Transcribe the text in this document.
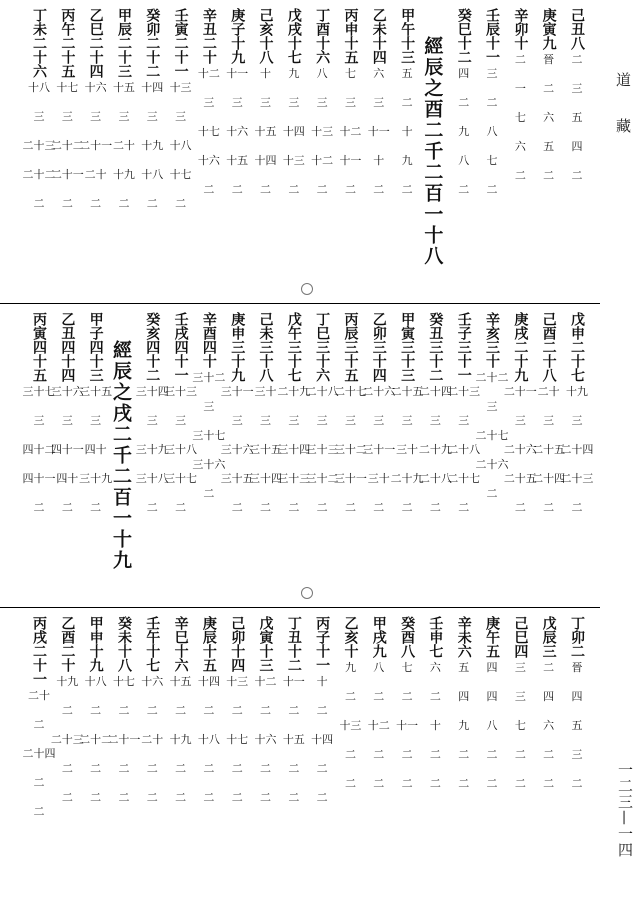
己丑八
二
三
五
四
二
庚寅九
晉
二
六
五
二
辛卯十
二
一
七
六
二
壬辰十一
三
二
八
七
二
癸巳十二
四
二
九
八
二
經辰之酉二千二百一十八
甲午十三
五
二
十
九
二
乙未十四
六
三
十一
十
二
丙申十五
七
三
十二
十一
二
丁酉十六
八
三
十三
十二
二
戊戌十七
九
三
十四
十三
二
己亥十八
十
三
十五
十四
二
庚子十九
十一
三
十六
十五
二
辛丑二十
十二
三
十七
十六
二
壬寅二十一
十三
三
十八
十七
二
癸卯二十二
十四
三
十九
十八
二
甲辰二十三
十五
三
二十
十九
二
乙巳二十四
十六
三
二十一
二十
二
丙午二十五
十七
三
二十二
二十一
二
丁未二十六
十八
三
二十三
二十二
二
戊申二十七
十九
三
二十四
二十三
二
己酉二十八
二十
三
二十五
二十四
二
庚戌二十九
二十一
三
二十六
二十五
二
辛亥三十
二十二
三
二十七
二十六
二
壬子三十一
二十三
三
二十八
二十七
二
癸丑三十二
二十四
三
二十九
二十八
二
甲寅三十三
二十五
三
三十
二十九
二
乙卯三十四
二十六
三
三十一
三十
二
丙辰三十五
二十七
三
三十二
三十一
二
丁巳三十六
二十八
三
三十三
三十二
二
戊午三十七
二十九
三
三十四
三十三
二
己未三十八
三十
三
三十五
三十四
二
庚申三十九
三十一
三
三十六
三十五
二
辛酉四十
三十二
三
三十七
三十六
二
壬戌四十一
三十三
三
三十八
三十七
二
癸亥四十二
三十四
三
三十九
三十八
二
經辰之戌二千二百一十九
甲子四十三
三十五
三
四十
三十九
二
乙丑四十四
三十六
三
四十一
四十
二
丙寅四十五
三十七
三
四十二
四十一
二
丁卯二
晉
四
五
三
二
戊辰三
二
四
六
二
二
己巳四
三
三
七
二
二
庚午五
四
四
八
二
二
辛未六
五
四
九
二
二
壬申七
六
二
十
二
二
癸酉八
七
二
十一
二
二
甲戌九
八
二
十二
二
二
乙亥十
九
二
十三
二
二
丙子十一
十
二
十四
二
二
丁丑十二
十一
二
十五
二
二
戊寅十三
十二
二
十六
二
二
己卯十四
十三
二
十七
二
二
庚辰十五
十四
二
十八
二
二
辛巳十六
十五
二
十九
二
二
壬午十七
十六
二
二十
二
二
癸未十八
十七
二
二十一
二
二
甲申十九
十八
二
二十二
二
二
乙酉二十
十九
二
二十三
二
二
丙戌二十一
二十
二
二十四
二
二
道
藏
一二三—一四
